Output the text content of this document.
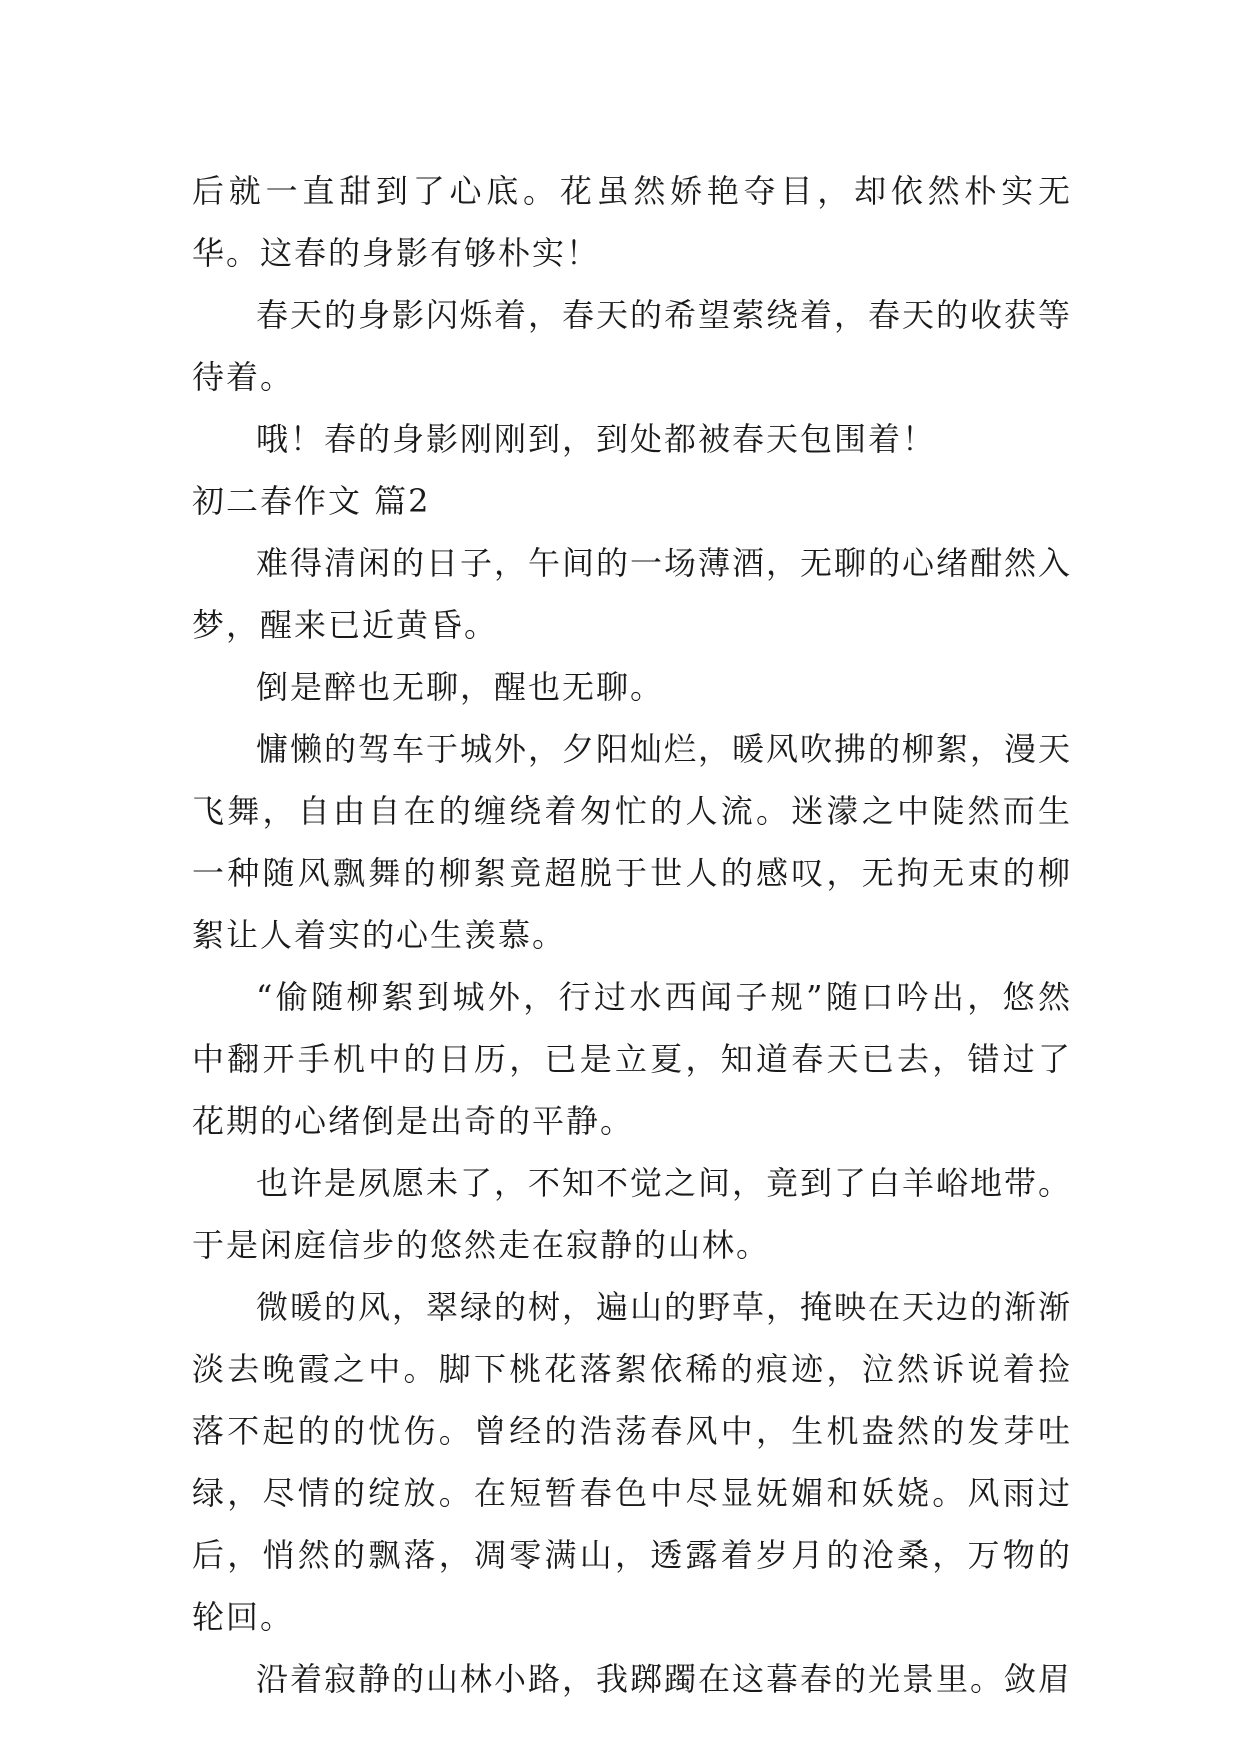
后就一直甜到了心底。花虽然娇艳夺目，却依然朴实无华。这春的身影有够朴实！

春天的身影闪烁着，春天的希望萦绕着，春天的收获等待着。

哦！春的身影刚刚到，到处都被春天包围着！

初二春作文 篇2

难得清闲的日子，午间的一场薄酒，无聊的心绪酣然入梦，醒来已近黄昏。

倒是醉也无聊，醒也无聊。

慵懒的驾车于城外，夕阳灿烂，暖风吹拂的柳絮，漫天飞舞，自由自在的缠绕着匆忙的人流。迷濛之中陡然而生一种随风飘舞的柳絮竟超脱于世人的感叹，无拘无束的柳絮让人着实的心生羡慕。

“偷随柳絮到城外，行过水西闻子规”随口吟出，悠然中翻开手机中的日历，已是立夏，知道春天已去，错过了花期的心绪倒是出奇的平静。

也许是夙愿未了，不知不觉之间，竟到了白羊峪地带。于是闲庭信步的悠然走在寂静的山林。

微暖的风，翠绿的树，遍山的野草，掩映在天边的渐渐淡去晚霞之中。脚下桃花落絮依稀的痕迹，泣然诉说着捡落不起的的忧伤。曾经的浩荡春风中，生机盎然的发芽吐绿，尽情的绽放。在短暂春色中尽显妩媚和妖娆。风雨过后，悄然的飘落，凋零满山，透露着岁月的沧桑，万物的轮回。

沿着寂静的山林小路，我踯躅在这暮春的光景里。敛眉
